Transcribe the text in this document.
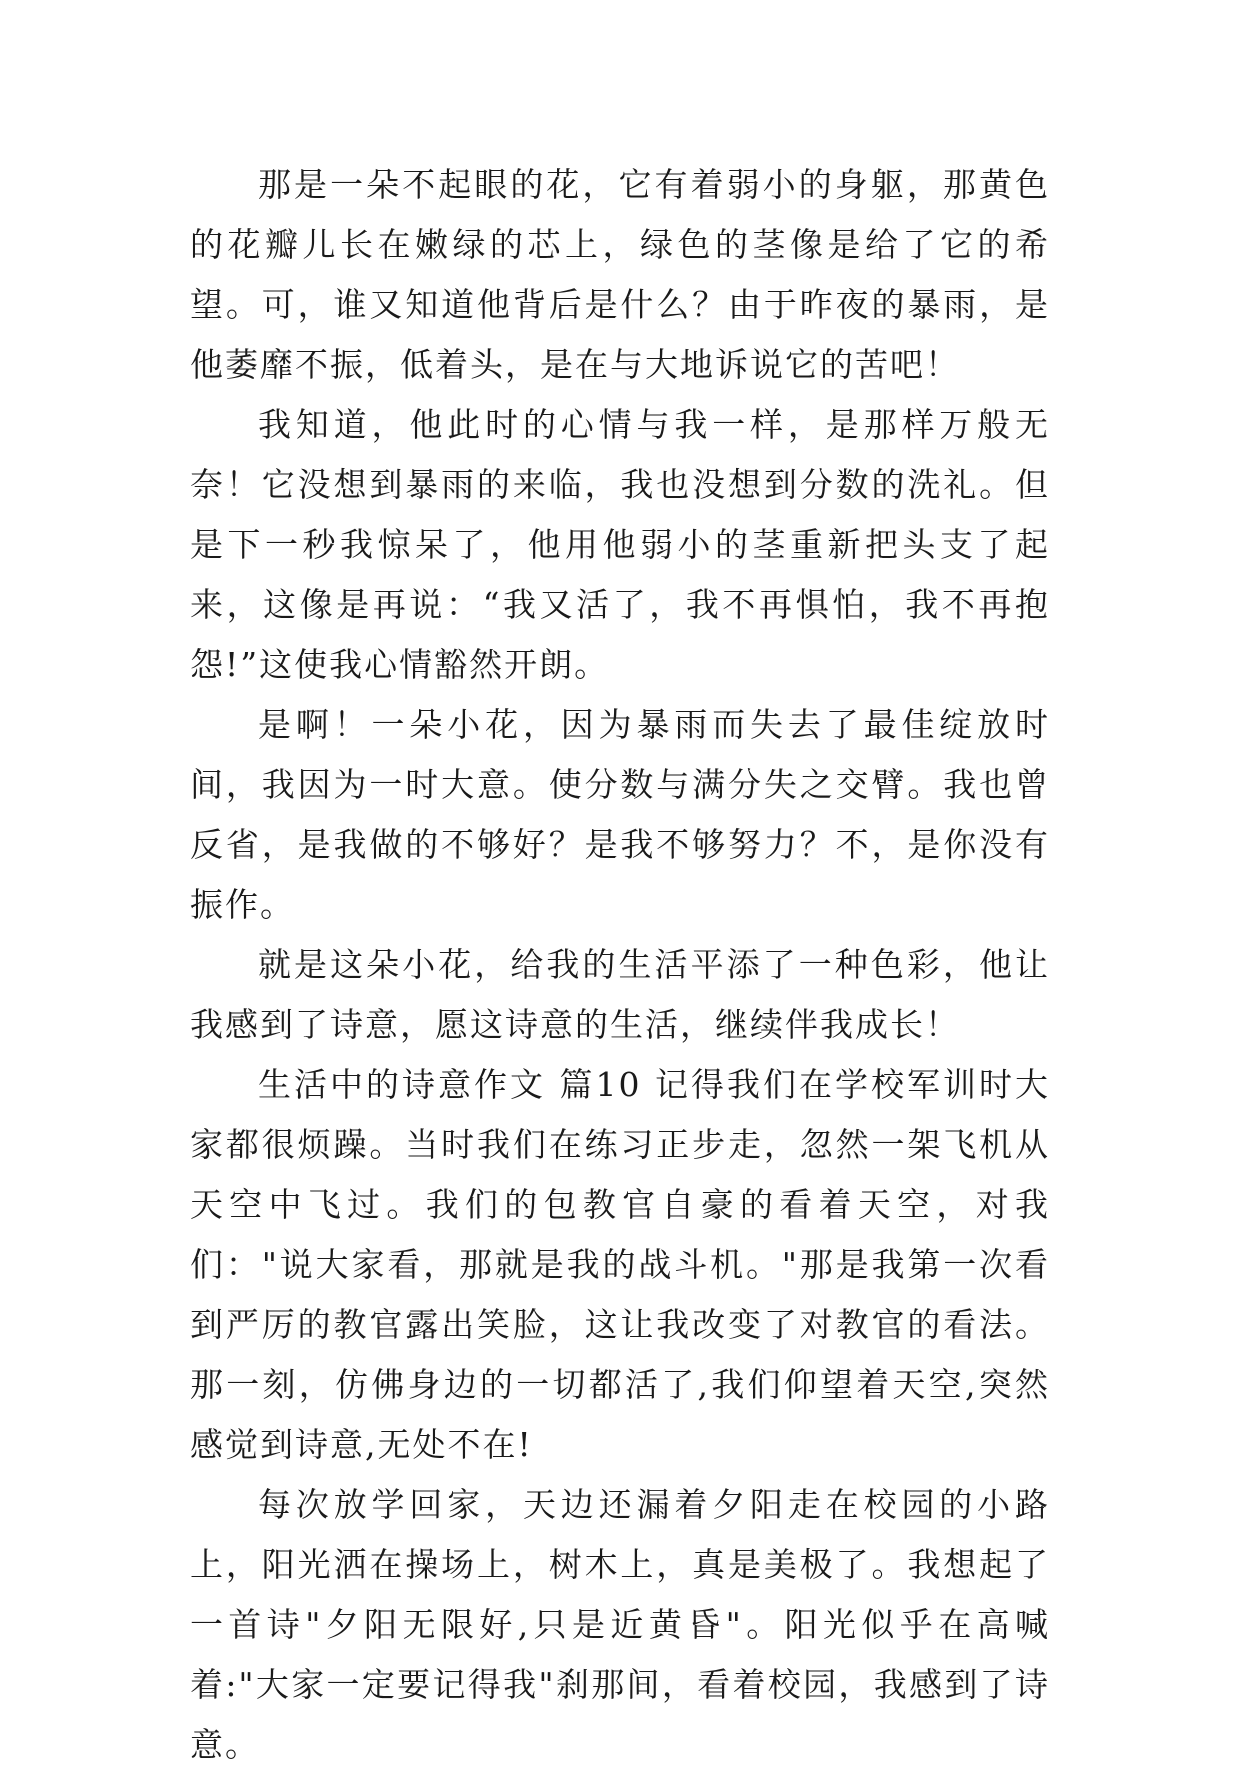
那是一朵不起眼的花，它有着弱小的身躯，那黄色的花瓣儿长在嫩绿的芯上，绿色的茎像是给了它的希望。可，谁又知道他背后是什么？由于昨夜的暴雨，是他萎靡不振，低着头，是在与大地诉说它的苦吧！

我知道，他此时的心情与我一样，是那样万般无奈！它没想到暴雨的来临，我也没想到分数的洗礼。但是下一秒我惊呆了，他用他弱小的茎重新把头支了起来，这像是再说：“我又活了，我不再惧怕，我不再抱怨!”这使我心情豁然开朗。

是啊！一朵小花，因为暴雨而失去了最佳绽放时间，我因为一时大意。使分数与满分失之交臂。我也曾反省，是我做的不够好？是我不够努力？不，是你没有振作。

就是这朵小花，给我的生活平添了一种色彩，他让我感到了诗意，愿这诗意的生活，继续伴我成长！

生活中的诗意作文 篇10 记得我们在学校军训时大家都很烦躁。当时我们在练习正步走，忽然一架飞机从天空中飞过。我们的包教官自豪的看着天空，对我们："说大家看，那就是我的战斗机。"那是我第一次看到严厉的教官露出笑脸，这让我改变了对教官的看法。那一刻，仿佛身边的一切都活了,我们仰望着天空,突然感觉到诗意,无处不在!

每次放学回家，天边还漏着夕阳走在校园的小路上，阳光洒在操场上，树木上，真是美极了。我想起了一首诗"夕阳无限好,只是近黄昏"。阳光似乎在高喊着:"大家一定要记得我"刹那间，看着校园，我感到了诗意。
